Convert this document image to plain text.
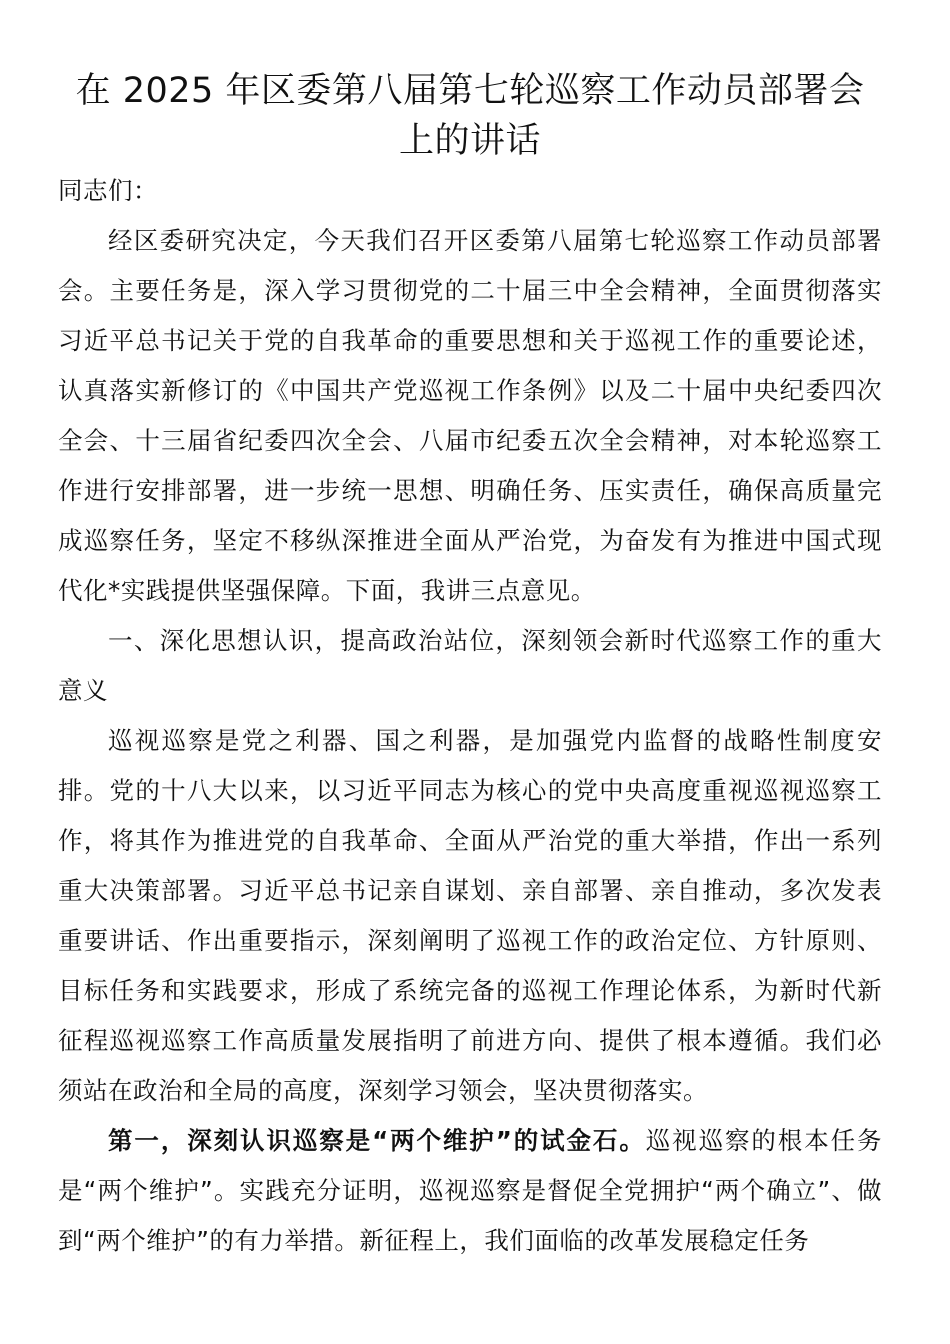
在 2025 年区委第八届第七轮巡察工作动员部署会上的讲话

同志们：

经区委研究决定，今天我们召开区委第八届第七轮巡察工作动员部署会。主要任务是，深入学习贯彻党的二十届三中全会精神，全面贯彻落实习近平总书记关于党的自我革命的重要思想和关于巡视工作的重要论述，认真落实新修订的《中国共产党巡视工作条例》以及二十届中央纪委四次全会、十三届省纪委四次全会、八届市纪委五次全会精神，对本轮巡察工作进行安排部署，进一步统一思想、明确任务、压实责任，确保高质量完成巡察任务，坚定不移纵深推进全面从严治党，为奋发有为推进中国式现代化*实践提供坚强保障。下面，我讲三点意见。

一、深化思想认识，提高政治站位，深刻领会新时代巡察工作的重大意义

巡视巡察是党之利器、国之利器，是加强党内监督的战略性制度安排。党的十八大以来，以习近平同志为核心的党中央高度重视巡视巡察工作，将其作为推进党的自我革命、全面从严治党的重大举措，作出一系列重大决策部署。习近平总书记亲自谋划、亲自部署、亲自推动，多次发表重要讲话、作出重要指示，深刻阐明了巡视工作的政治定位、方针原则、目标任务和实践要求，形成了系统完备的巡视工作理论体系，为新时代新征程巡视巡察工作高质量发展指明了前进方向、提供了根本遵循。我们必须站在政治和全局的高度，深刻学习领会，坚决贯彻落实。

第一，深刻认识巡察是“两个维护”的试金石。巡视巡察的根本任务是“两个维护”。实践充分证明，巡视巡察是督促全党拥护“两个确立”、做到“两个维护”的有力举措。新征程上，我们面临的改革发展稳定任务
